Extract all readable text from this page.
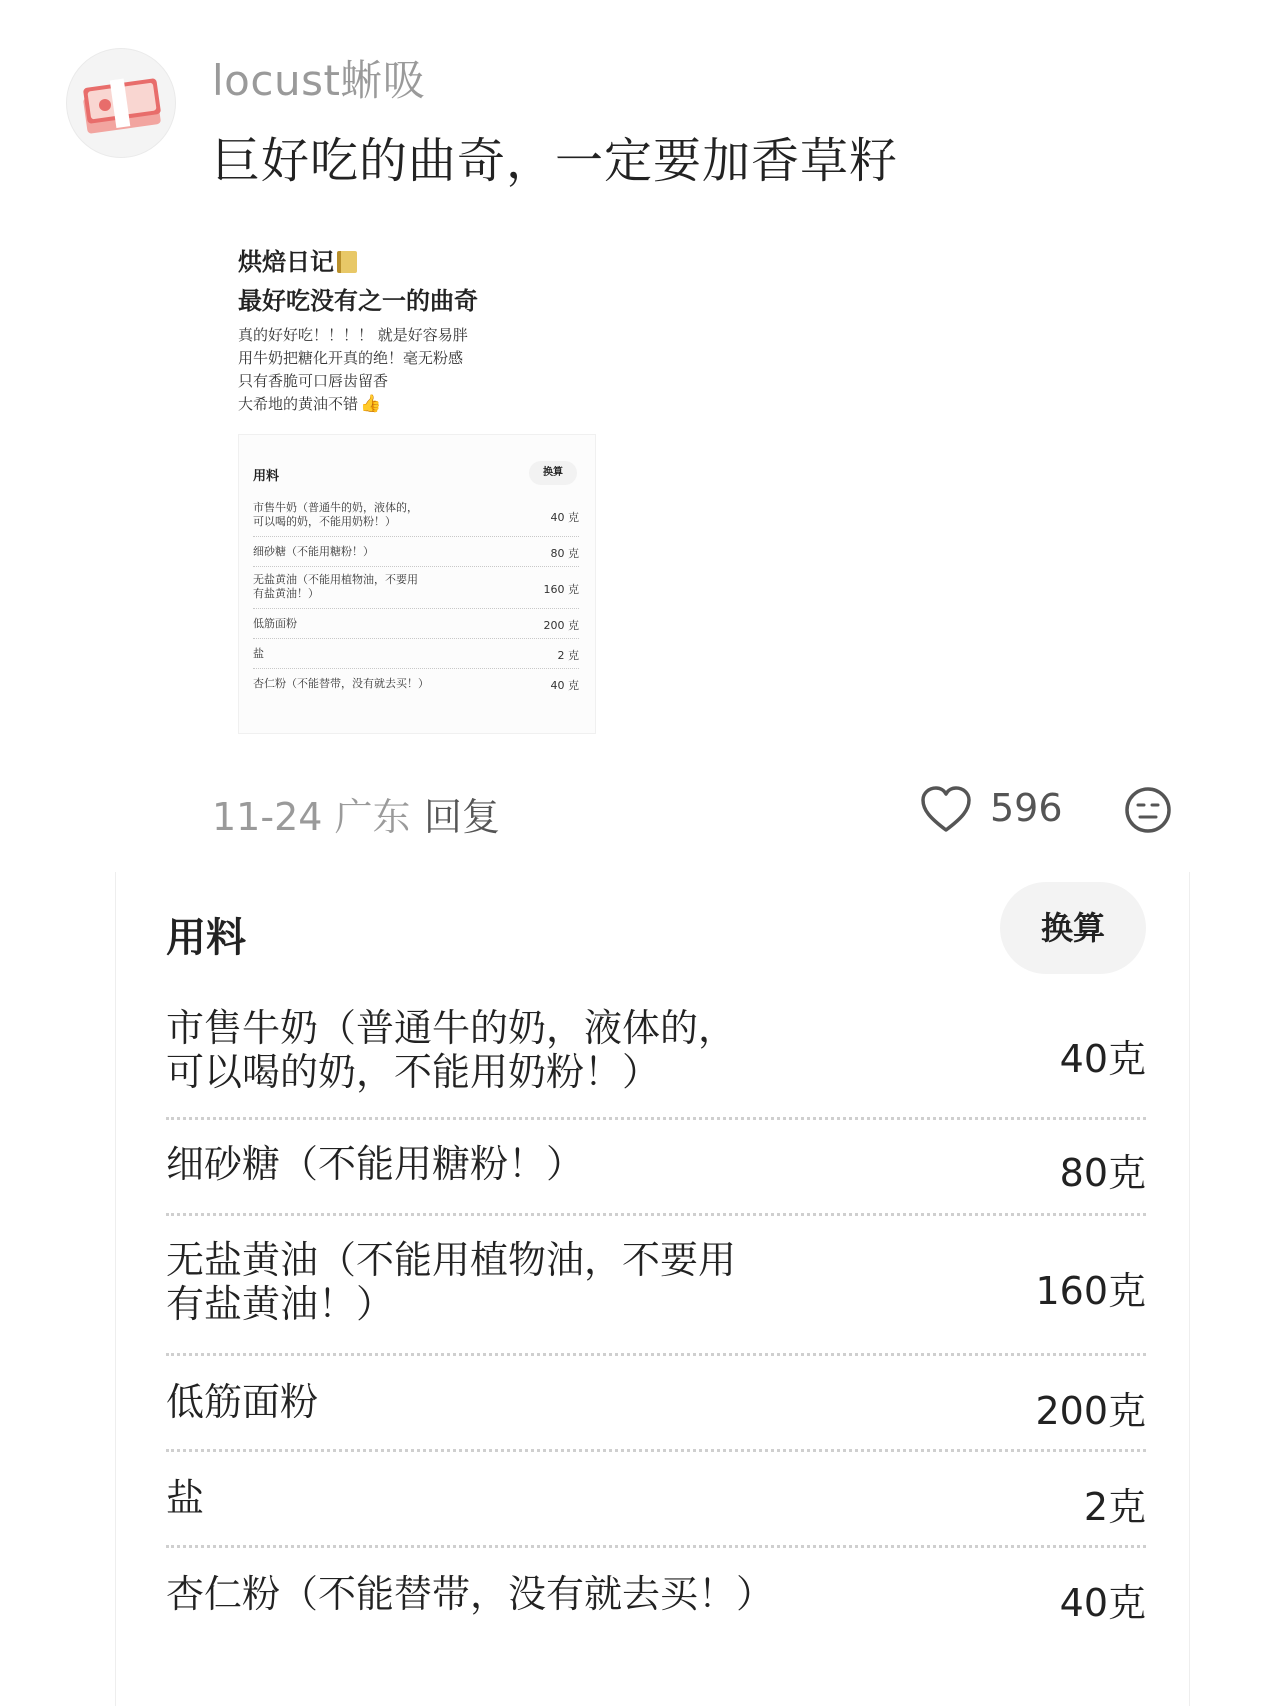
locust蜥吸
巨好吃的曲奇，一定要加香草籽
烘焙日记
最好吃没有之一的曲奇
真的好好吃！！！！ 就是好容易胖
用牛奶把糖化开真的绝！毫无粉感
只有香脆可口唇齿留香
大希地的黄油不错 👍
用料	换算
市售牛奶（普通牛的奶，液体的，
可以喝的奶，不能用奶粉！）	40 克
细砂糖（不能用糖粉！）	80 克
无盐黄油（不能用植物油，不要用
有盐黄油！）	160 克
低筋面粉	200 克
盐	2 克
杏仁粉（不能替带，没有就去买！）	40 克
11-24 广东 回复	596
用料	换算
市售牛奶（普通牛的奶，液体的，
可以喝的奶，不能用奶粉！）	40克
细砂糖（不能用糖粉！）	80克
无盐黄油（不能用植物油，不要用
有盐黄油！）	160克
低筋面粉	200克
盐	2克
杏仁粉（不能替带，没有就去买！）	40克
